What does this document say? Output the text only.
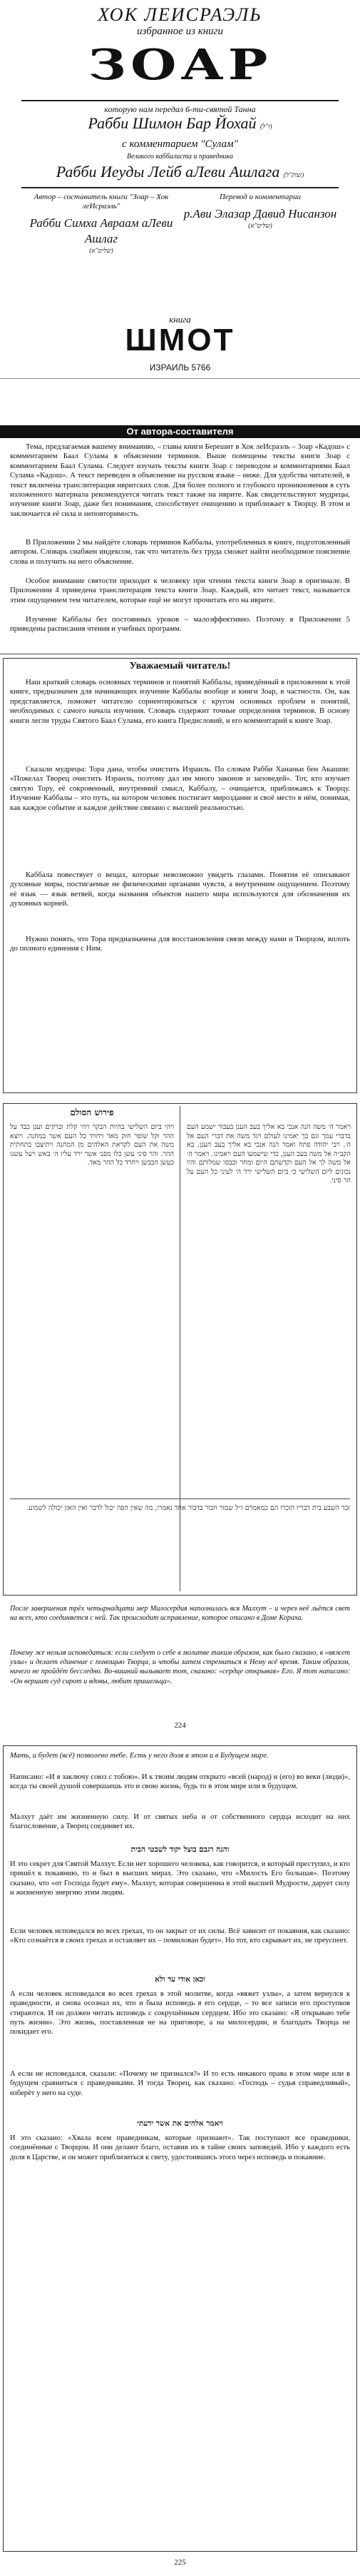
ХОК ЛЕИСРАЭЛЬ
избранное из книги
ЗОАР
которую нам передал 6-ти-святой Танна
Рабби Шимон Бар Йохай (ז"ל)
с комментарием "Сулам"
Великого каббалиста и праведника
Рабби Иеуды Лейб аЛеви Ашлага (זצוק"ל)
Автор – составитель книги "Зоар – Хок леИсраэль"
Рабби Симха Авраам аЛеви Ашлаг
(שליט"א)
Перевод и комментарии
р.Ави Элазар Давид Нисанзон
(שליט"א)
книга
ШМОТ
ИЗРАИЛЬ 5766
От автора-составителя
Тема, предлагаемая вашему вниманию, – главы книги Берешит в Хок леИсраэль – Зоар «Кадош» с комментарием Баал Сулама в объяснении терминов. Выше помещены тексты книги Зоар с комментарием Баал Сулама. Следует изучать тексты книги Зоар с переводом и комментариями Баал Сулама «Кадош». А текст переведен в объяснение на русском языке – ниже. Для удобства читателей, в текст включена транслитерация ивритских слов. Для более полного и глубокого проникновения в суть изложенного материала рекомендуется читать текст также на иврите. Как свидетельствуют мудрецы, изучение книги Зоар, даже без понимания, способствует очищению и приближает к Творцу. В этом и заключается её сила и неповторимость.
В Приложении 2 мы найдёте словарь терминов Каббалы, употребленных в книге, подготовленный автором. Словарь снабжен индексом, так что читатель без труда сможет найти необходимое пояснение слова и получить на него объяснение.
Особое внимание святости приходит к человеку при чтении текста книги Зоар в оригинале. В Приложении 4 приведена транслитерация текста книги Зоар. Каждый, кто читает текст, называется этим ощущением тем читателем, которые ещё не могут прочитать его на иврите.
Изучение Каббалы без постоянных уроков – малоэффективно. Поэтому в Приложении 5 приведены расписания чтения и учебных программ.
Уважаемый читатель!
Наш краткий словарь основных терминов и понятий Каббалы, приведённый в приложении к этой книге, предназначен для начинающих изучение Каббалы вообще и книги Зоар, в частности. Он, как представляется, поможет читателю сориентироваться с кругом основных проблем и понятий, необходимых с самого начала изучения. Словарь содержит точные определения терминов. В основу книги легли труды Святого Баал Сулама, его книга Предисловий, и его комментарий к книге Зоар.
Сказали мудрецы: Тора дана, чтобы очистить Израиль. По словам Рабби Хананьи бен Акашии: «Пожелал Творец очистить Израиль, поэтому дал им много законов и заповедей». Тот, кто изучает святую Тору, её сокровенный, внутренний смысл, Каббалу, – очищается, приближаясь к Творцу. Изучение Каббалы – это путь, на котором человек постигает мироздание и своё место в нём, понимая, как каждое событие и каждое действие связано с высшей реальностью.
Каббала повествует о вещах, которые невозможно увидеть глазами. Понятия её описывают духовные миры, постигаемые не физическими органами чувств, а внутренним ощущением. Поэтому её язык — язык ветвей, когда названия объектов нашего мира используются для обозначения их духовных корней.
Нужно понять, что Тора предназначена для восстановления связи между нами и Творцом, вплоть до полного единения с Ним.
פירוש הסולם
ויאמר ה׳ משה הנה אנכי בא אליך בעב הענן בעבור ישמע העם בדברי עמך וגם בך יאמינו לעולם ויגד משה את דברי העם אל ה׳. רבי יהודה פתח ואמר הנה אנכי בא אליך בעב הענן. בא הקב״ה אל משה בעב הענן, כדי שישמעו העם ויאמינו. ויאמר ה׳ אל משה לך אל העם וקדשתם היום ומחר וכבסו שמלותם והיו נכונים ליום השלישי כי ביום השלישי ירד ה׳ לעיני כל העם על הר סיני.
ויהי ביום השלישי בהיות הבקר ויהי קלת וברקים וענן כבד על ההר וקל שופר חזק מאד ויחרד כל העם אשר במחנה. ויוצא משה את העם לקראת האלהים מן המחנה ויתיצבו בתחתית ההר. והר סיני עשן כלו מפני אשר ירד עליו ה׳ באש ויעל עשנו כעשן הכבשן ויחרד כל ההר מאד.
זכר השבע בית דבריו הזכרו הם כמאמרם ז״ל שמור וזכור בדבור אחד נאמרו, מה שאין הפה יכול לדבר ואין האזן יכולה לשמוע.
После завершения трёх четырнадцати мер Милосердия наполнилась вся Малхут – и через неё льётся свет на всех, кто соединяется с ней. Так происходит исправление, которое описано в Доме Кораха.
Почему же нельзя исповедаться: если следует о себе в молитве таким образом, как было сказано, в «вяжет узлы» и делает единение с помощью Творца, и чтобы затем стремиться к Нему всё время. Таким образом, ничего не пройдёт бесследно. Во-вишний вызывает тот, сказано: «сердце открывая» Его. Я тот написано: «Он вершит суд сирот и вдовы, любит пришельца».
224
Мать, и будет (всё) позволено тебе. Есть у него доля в этом и в Будущем мире.
Написано: «И я заключу союз с тобою». И к твоим людям открыто «всей (народ) и (его) во веки (люди)», когда ты своей душой совершаешь это и свою жизнь, будь то в этом мире или в будущем.
Малхут даёт им жизненную силу. И от святых неба и от собственного сердца исходит на них благословение, а Творец соединяет их.
והנה רגבם בוצל יקוד לשבטי הבית
И это секрет для Святой Малхут. Если нет хорошего человека, как говорится, и который преступил, и кто пришёл к покаянию, то и был в высших мирах. Это сказано, что «Милость Его большая». Поэтому сказано, что «от Господа будет ему». Малхут, которая совершенна в этой высшей Мудрости, дарует силу и жизненную энергию этим людям.
Если человек исповедался во всех грехах, то он закрыт от их силы. Всё зависит от покаяния, как сказано: «Кто сознаётся в своих грехах и оставляет их – помилован будет». Но тот, кто скрывает их, не преуспеет.
וכאן אודי עד ולא
А если человек исповедался во всех грехах в этой молитве, когда «вяжет узлы», а затем вернулся к праведности, и снова осознал их, что и была исповедь в его сердце, – то все записи его проступков стираются. И он должен читать исповедь с сокрушённым сердцем. Ибо это сказано: «Я открываю тебе путь жизни». Это жизнь, поставленная не на приговоре, а на милосердии, и благодать Творца не покидает его.
А если не исповедался, сказали: «Почему не признался?» И то есть никакого права в этом мире или в будущем сравниться с праведниками. И тогда Творец, как сказано: «Господь – судья справедливый», изберёт у него на суде.
ויאמר אלהים את אשר ידעתי
И это сказано: «Хвала всем праведникам, которые признают». Так поступают все праведники, соединённые с Творцом. И они делают благо, оставив их в тайне своих заповедей. Ибо у каждого есть доля в Царстве, и он может приблизиться к свету, удостоившись этого через исповедь и покаяние.
225
